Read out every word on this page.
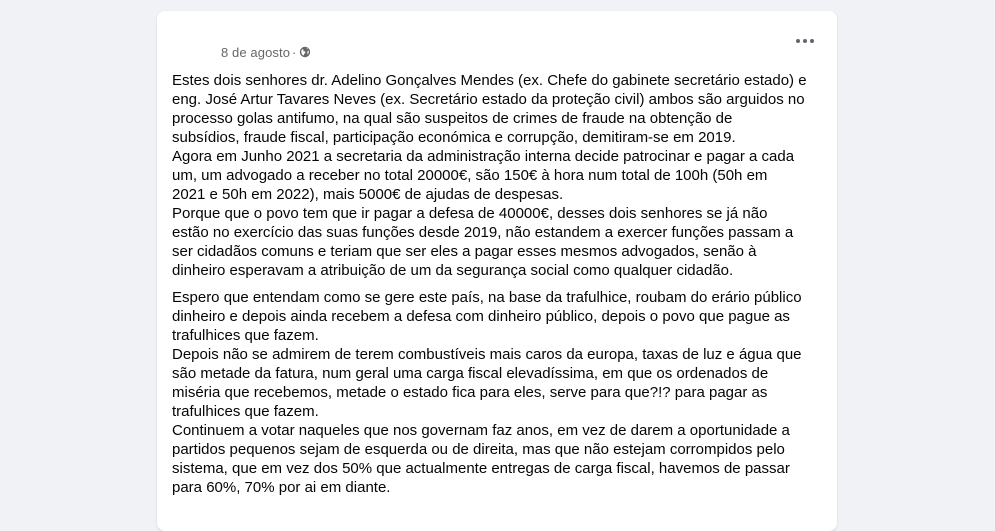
8 de agosto ·

Estes dois senhores dr. Adelino Gonçalves Mendes (ex. Chefe do gabinete secretário estado) e
eng. José Artur Tavares Neves (ex. Secretário estado da proteção civil) ambos são arguidos no
processo golas antifumo, na qual são suspeitos de crimes de fraude na obtenção de
subsídios, fraude fiscal, participação económica e corrupção, demitiram-se em 2019.
Agora em Junho 2021 a secretaria da administração interna decide patrocinar e pagar a cada
um, um advogado a receber no total 20000€, são 150€ à hora num total de 100h (50h em
2021 e 50h em 2022), mais 5000€ de ajudas de despesas.
Porque que o povo tem que ir pagar a defesa de 40000€, desses dois senhores se já não
estão no exercício das suas funções desde 2019, não estandem a exercer funções passam a
ser cidadãos comuns e teriam que ser eles a pagar esses mesmos advogados, senão à
dinheiro esperavam a atribuição de um da segurança social como qualquer cidadão.

Espero que entendam como se gere este país, na base da trafulhice, roubam do erário público
dinheiro e depois ainda recebem a defesa com dinheiro público, depois o povo que pague as
trafulhices que fazem.
Depois não se admirem de terem combustíveis mais caros da europa, taxas de luz e água que
são metade da fatura, num geral uma carga fiscal elevadíssima, em que os ordenados de
miséria que recebemos, metade o estado fica para eles, serve para que?!? para pagar as
trafulhices que fazem.
Continuem a votar naqueles que nos governam faz anos, em vez de darem a oportunidade a
partidos pequenos sejam de esquerda ou de direita, mas que não estejam corrompidos pelo
sistema, que em vez dos 50% que actualmente entregas de carga fiscal, havemos de passar
para 60%, 70% por ai em diante.
